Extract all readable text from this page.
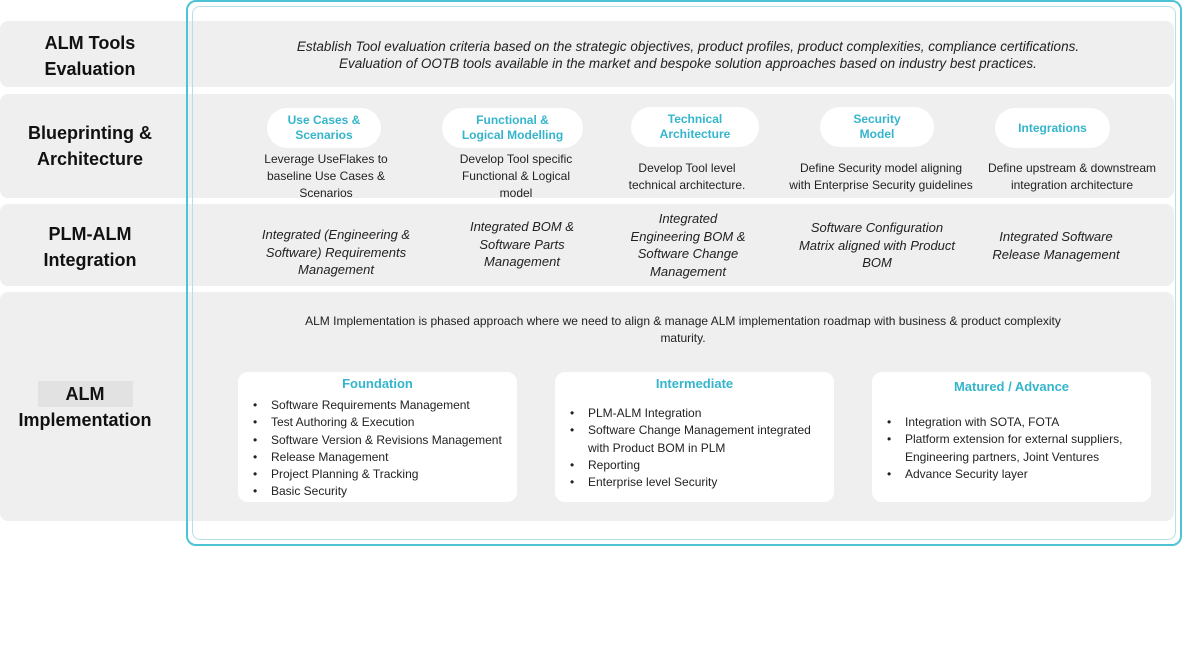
ALM Tools
Evaluation
Blueprinting &
Architecture
PLM-ALM
Integration
ALM
Implementation
Establish Tool evaluation criteria based on the strategic objectives, product profiles, product complexities, compliance certifications.
Evaluation of OOTB tools available in the market and bespoke solution approaches based on industry best practices.
Use Cases &
Scenarios
Functional &
Logical Modelling
Technical
Architecture
Security
Model	Integrations
Leverage UseFlakes to
baseline Use Cases &
Scenarios
Develop Tool specific
Functional & Logical
model
Develop Tool level
technical architecture.
Define Security model aligning
with Enterprise Security guidelines
Define upstream & downstream
integration architecture
Integrated (Engineering &
Software) Requirements
Management
Integrated BOM &
Software Parts
Management
Integrated
Engineering BOM &
Software Change
Management
Software Configuration
Matrix aligned with Product
BOM
Integrated Software
Release Management
ALM Implementation is phased approach where we need to align & manage ALM implementation roadmap with business & product complexity
maturity.
Foundation
• Software Requirements Management
• Test Authoring & Execution
• Software Version & Revisions Management
• Release Management
• Project Planning & Tracking
• Basic Security
Intermediate
• PLM-ALM Integration
• Software Change Management integrated
with Product BOM in PLM
• Reporting
• Enterprise level Security
Matured / Advance
• Integration with SOTA, FOTA
• Platform extension for external suppliers,
Engineering partners, Joint Ventures
• Advance Security layer
